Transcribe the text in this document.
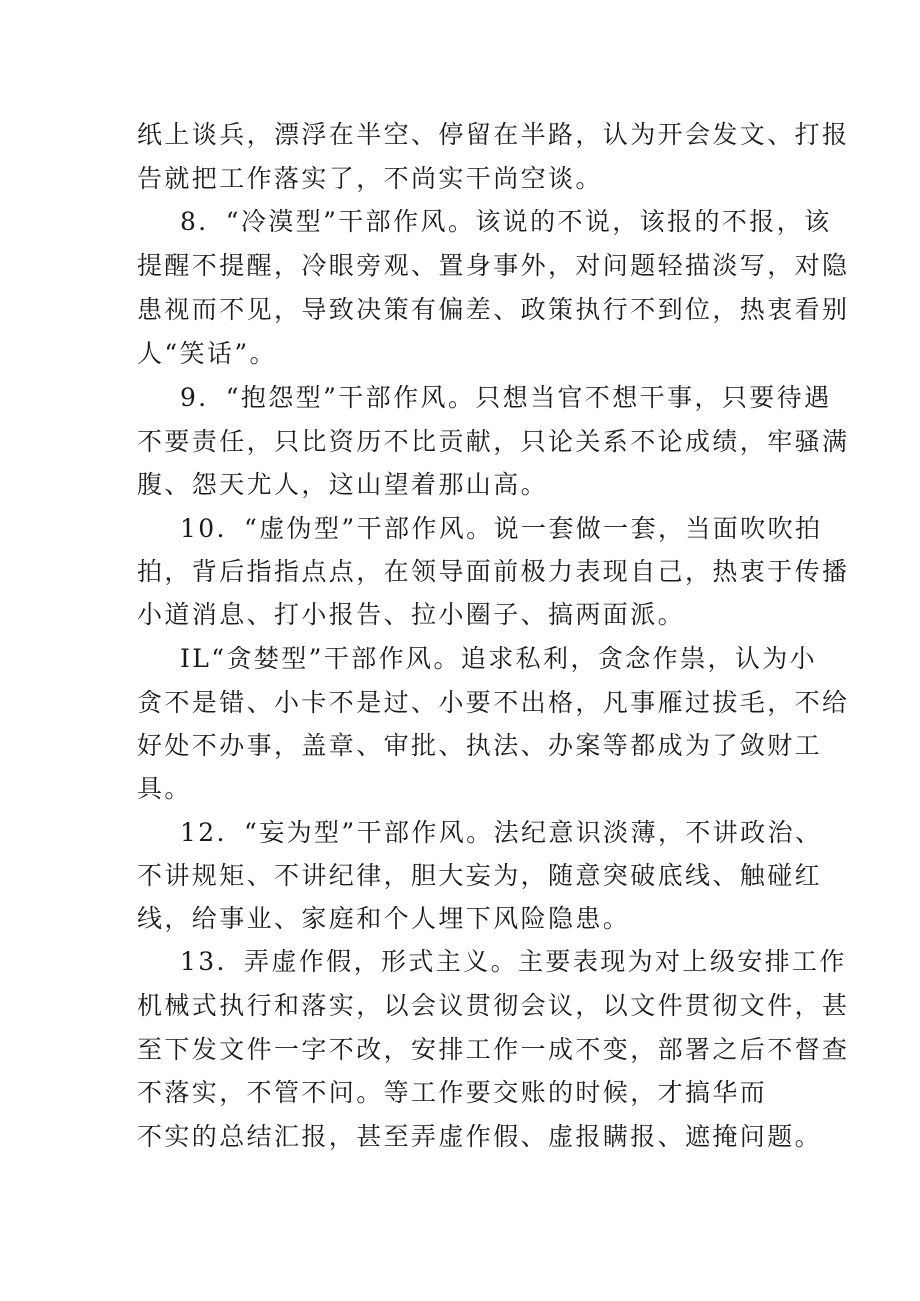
纸上谈兵，漂浮在半空、停留在半路，认为开会发文、打报

告就把工作落实了，不尚实干尚空谈。

8．“冷漠型”干部作风。该说的不说，该报的不报，该

提醒不提醒，冷眼旁观、置身事外，对问题轻描淡写，对隐

患视而不见，导致决策有偏差、政策执行不到位，热衷看别

人“笑话”。

9．“抱怨型”干部作风。只想当官不想干事，只要待遇

不要责任，只比资历不比贡献，只论关系不论成绩，牢骚满

腹、怨天尤人，这山望着那山高。

10．“虚伪型”干部作风。说一套做一套，当面吹吹拍

拍，背后指指点点，在领导面前极力表现自己，热衷于传播

小道消息、打小报告、拉小圈子、搞两面派。

IL“贪婪型”干部作风。追求私利，贪念作祟，认为小

贪不是错、小卡不是过、小要不出格，凡事雁过拔毛，不给

好处不办事，盖章、审批、执法、办案等都成为了敛财工

具。

12．“妄为型”干部作风。法纪意识淡薄，不讲政治、

不讲规矩、不讲纪律，胆大妄为，随意突破底线、触碰红

线，给事业、家庭和个人埋下风险隐患。

13．弄虚作假，形式主义。主要表现为对上级安排工作

机械式执行和落实，以会议贯彻会议，以文件贯彻文件，甚

至下发文件一字不改，安排工作一成不变，部署之后不督查

不落实，不管不问。等工作要交账的时候，才搞华而

不实的总结汇报，甚至弄虚作假、虚报瞒报、遮掩问题。
